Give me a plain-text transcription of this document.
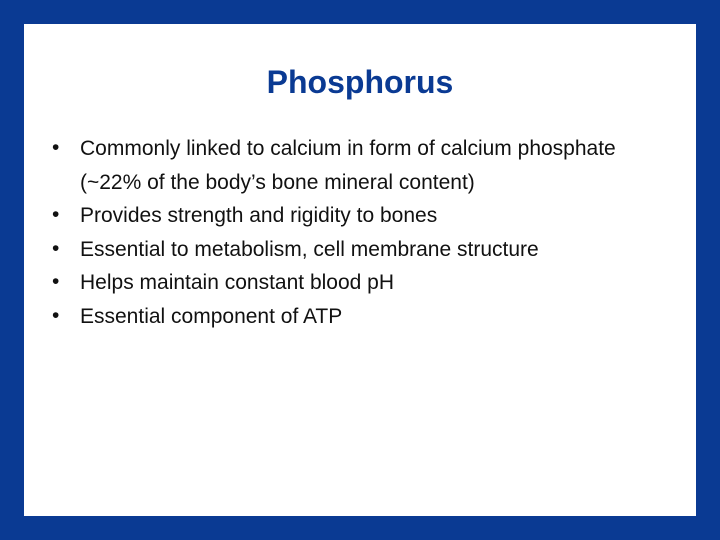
Phosphorus
• Commonly linked to calcium in form of calcium phosphate (~22% of the body’s bone mineral content)
• Provides strength and rigidity to bones
• Essential to metabolism, cell membrane structure
• Helps maintain constant blood pH
• Essential component of ATP
